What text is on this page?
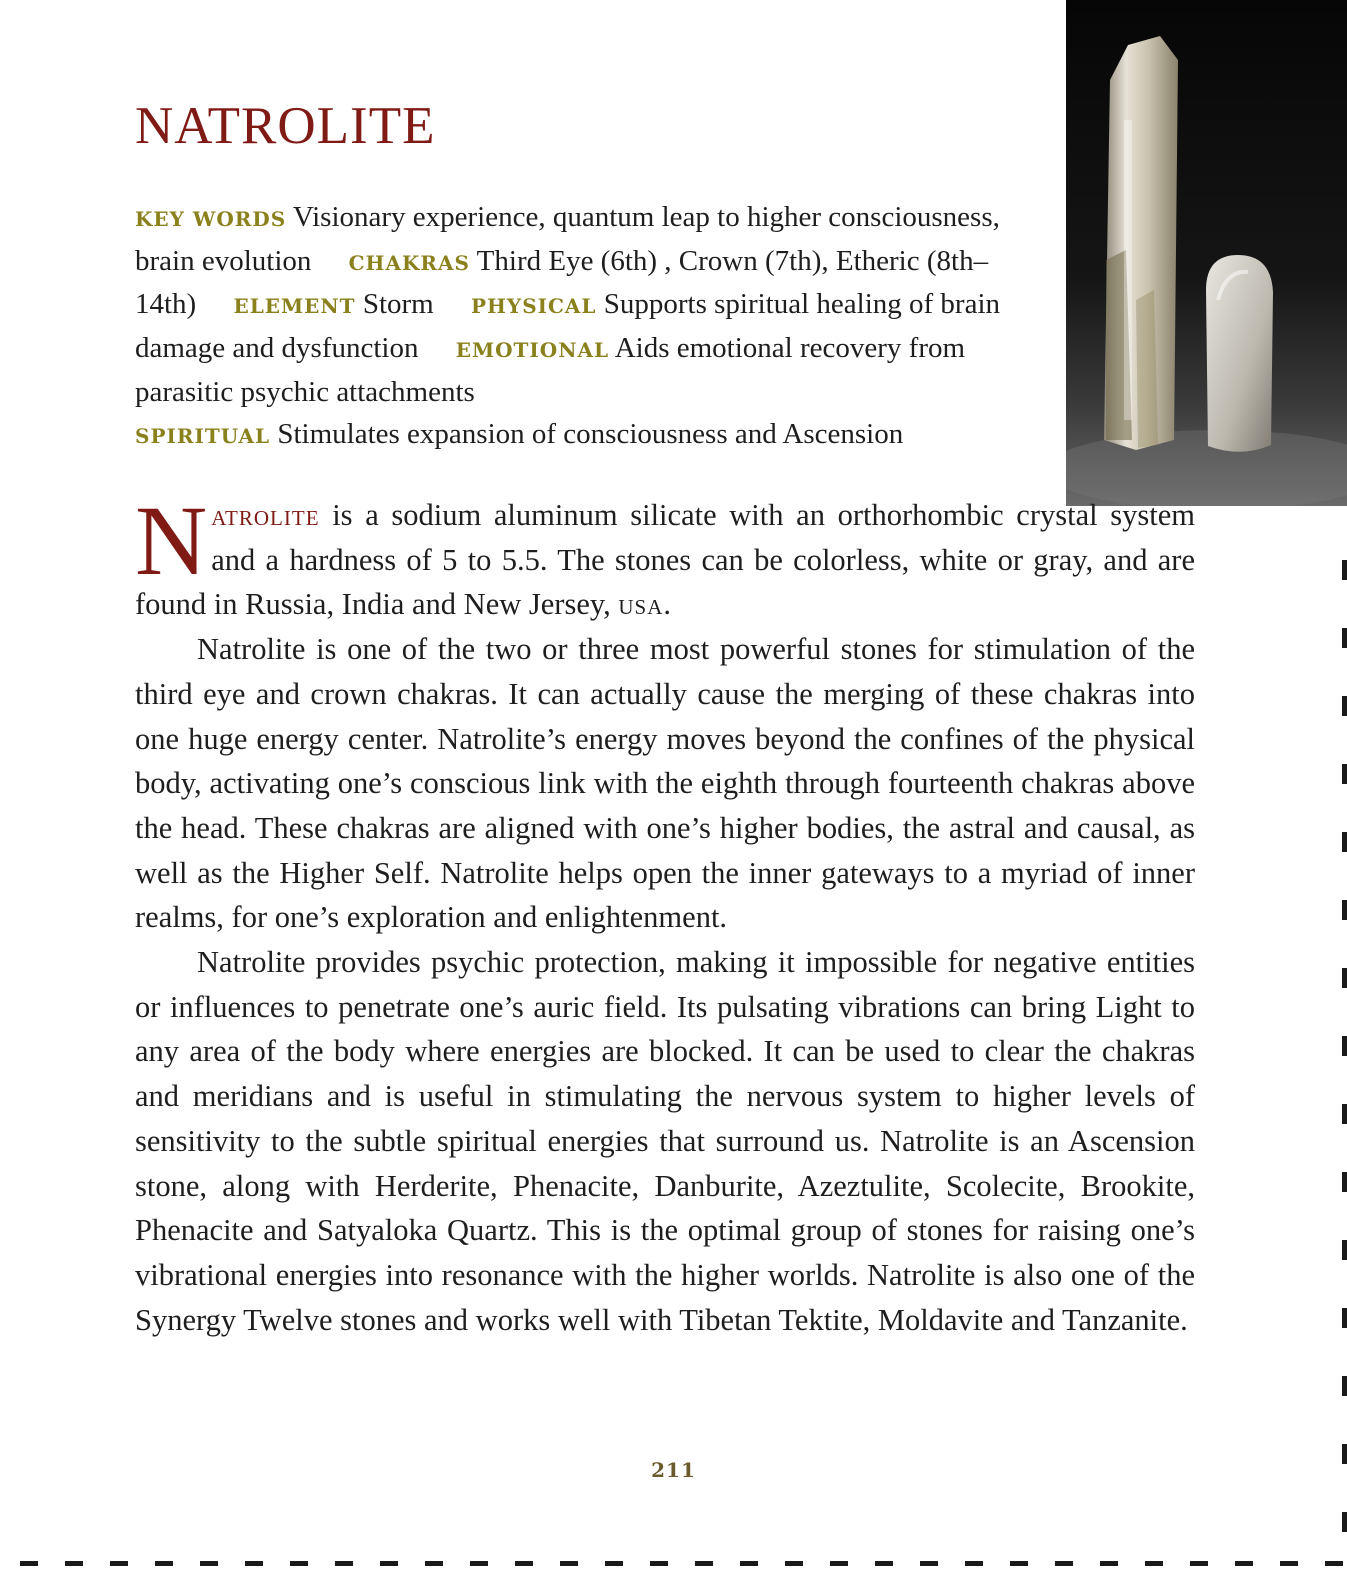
NATROLITE

KEY WORDS Visionary experience, quantum leap to higher consciousness, brain evolution CHAKRAS Third Eye (6th) , Crown (7th), Etheric (8th–14th) ELEMENT Storm PHYSICAL Supports spiritual healing of brain damage and dysfunction EMOTIONAL Aids emotional recovery from parasitic psychic attachments

SPIRITUAL Stimulates expansion of consciousness and Ascension

Natrolite is a sodium aluminum silicate with an orthorhombic crystal system and a hardness of 5 to 5.5. The stones can be colorless, white or gray, and are found in Russia, India and New Jersey, usa.

Natrolite is one of the two or three most powerful stones for stimulation of the third eye and crown chakras. It can actually cause the merging of these chakras into one huge energy center. Natrolite’s energy moves beyond the confines of the physical body, activating one’s conscious link with the eighth through fourteenth chakras above the head. These chakras are aligned with one’s higher bodies, the astral and causal, as well as the Higher Self. Natrolite helps open the inner gateways to a myriad of inner realms, for one’s exploration and enlightenment.

Natrolite provides psychic protection, making it impossible for negative entities or influences to penetrate one’s auric field. Its pulsating vibrations can bring Light to any area of the body where energies are blocked. It can be used to clear the chakras and meridians and is useful in stimulating the nervous system to higher levels of sensitivity to the subtle spiritual energies that surround us. Natrolite is an Ascension stone, along with Herderite, Phenacite, Danburite, Azeztulite, Scolecite, Brookite, Phenacite and Satyaloka Quartz. This is the optimal group of stones for raising one’s vibrational energies into resonance with the higher worlds. Natrolite is also one of the Synergy Twelve stones and works well with Tibetan Tektite, Moldavite and Tanzanite.

211
